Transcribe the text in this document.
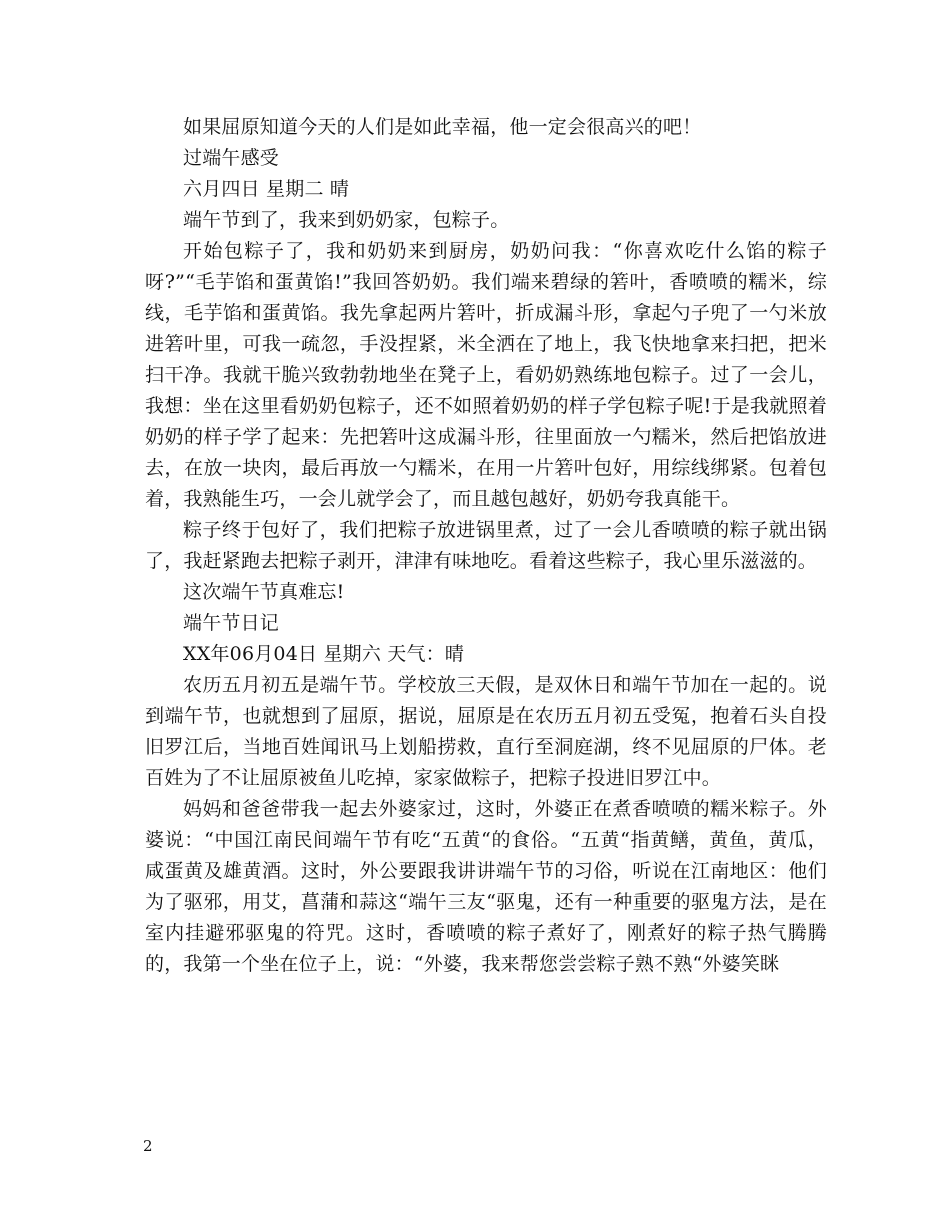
如果屈原知道今天的人们是如此幸福，他一定会很高兴的吧！

过端午感受

六月四日 星期二 晴

端午节到了，我来到奶奶家，包粽子。

开始包粽子了，我和奶奶来到厨房，奶奶问我：“你喜欢吃什么馅的粽子呀?”“毛芋馅和蛋黄馅!”我回答奶奶。我们端来碧绿的箬叶，香喷喷的糯米，综线，毛芋馅和蛋黄馅。我先拿起两片箬叶，折成漏斗形，拿起勺子兜了一勺米放进箬叶里，可我一疏忽，手没捏紧，米全洒在了地上，我飞快地拿来扫把，把米扫干净。我就干脆兴致勃勃地坐在凳子上，看奶奶熟练地包粽子。过了一会儿，我想：坐在这里看奶奶包粽子，还不如照着奶奶的样子学包粽子呢!于是我就照着奶奶的样子学了起来：先把箬叶这成漏斗形，往里面放一勺糯米，然后把馅放进去，在放一块肉，最后再放一勺糯米，在用一片箬叶包好，用综线绑紧。包着包着，我熟能生巧，一会儿就学会了，而且越包越好，奶奶夸我真能干。

粽子终于包好了，我们把粽子放进锅里煮，过了一会儿香喷喷的粽子就出锅了，我赶紧跑去把粽子剥开，津津有味地吃。看着这些粽子，我心里乐滋滋的。

这次端午节真难忘!

端午节日记

XX年06月04日 星期六 天气：晴

农历五月初五是端午节。学校放三天假，是双休日和端午节加在一起的。说到端午节，也就想到了屈原，据说，屈原是在农历五月初五受冤，抱着石头自投旧罗江后，当地百姓闻讯马上划船捞救，直行至洞庭湖，终不见屈原的尸体。老百姓为了不让屈原被鱼儿吃掉，家家做粽子，把粽子投进旧罗江中。

妈妈和爸爸带我一起去外婆家过，这时，外婆正在煮香喷喷的糯米粽子。外婆说：“中国江南民间端午节有吃“五黄“的食俗。“五黄“指黄鳝，黄鱼，黄瓜，咸蛋黄及雄黄酒。这时，外公要跟我讲讲端午节的习俗，听说在江南地区：他们为了驱邪，用艾，菖蒲和蒜这“端午三友“驱鬼，还有一种重要的驱鬼方法，是在室内挂避邪驱鬼的符咒。这时，香喷喷的粽子煮好了，刚煮好的粽子热气腾腾的，我第一个坐在位子上，说：“外婆，我来帮您尝尝粽子熟不熟“外婆笑眯

2
